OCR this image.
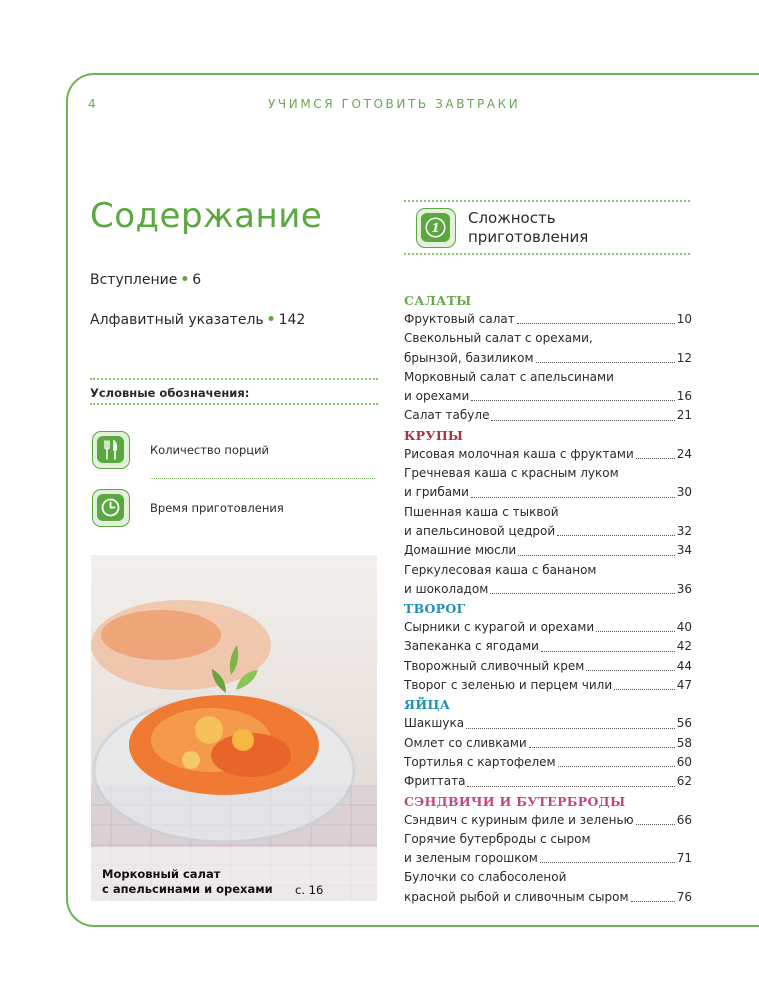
4	УЧИМСЯ ГОТОВИТЬ ЗАВТРАКИ
Содержание
Вступление • 6
Алфавитный указатель • 142
Условные обозначения:
Количество порций
Время приготовления
Морковный салат
с апельсинами и орехами с. 16
1
Сложность приготовления
САЛАТЫ
Фруктовый салат	10
Свекольный салат с орехами,
брынзой, базиликом	12
Морковный салат с апельсинами
и орехами	16
Салат табуле	21
КРУПЫ
Рисовая молочная каша с фруктами	24
Гречневая каша с красным луком
и грибами	30
Пшенная каша с тыквой
и апельсиновой цедрой	32
Домашние мюсли	34
Геркулесовая каша с бананом
и шоколадом	36
ТВОРОГ
Сырники с курагой и орехами	40
Запеканка с ягодами	42
Творожный сливочный крем	44
Творог с зеленью и перцем чили	47
ЯЙЦА
Шакшука	56
Омлет со сливками	58
Тортилья с картофелем	60
Фриттата	62
СЭНДВИЧИ И БУТЕРБРОДЫ
Сэндвич с куриным филе и зеленью	66
Горячие бутерброды с сыром
и зеленым горошком	71
Булочки со слабосоленой
красной рыбой и сливочным сыром	76
